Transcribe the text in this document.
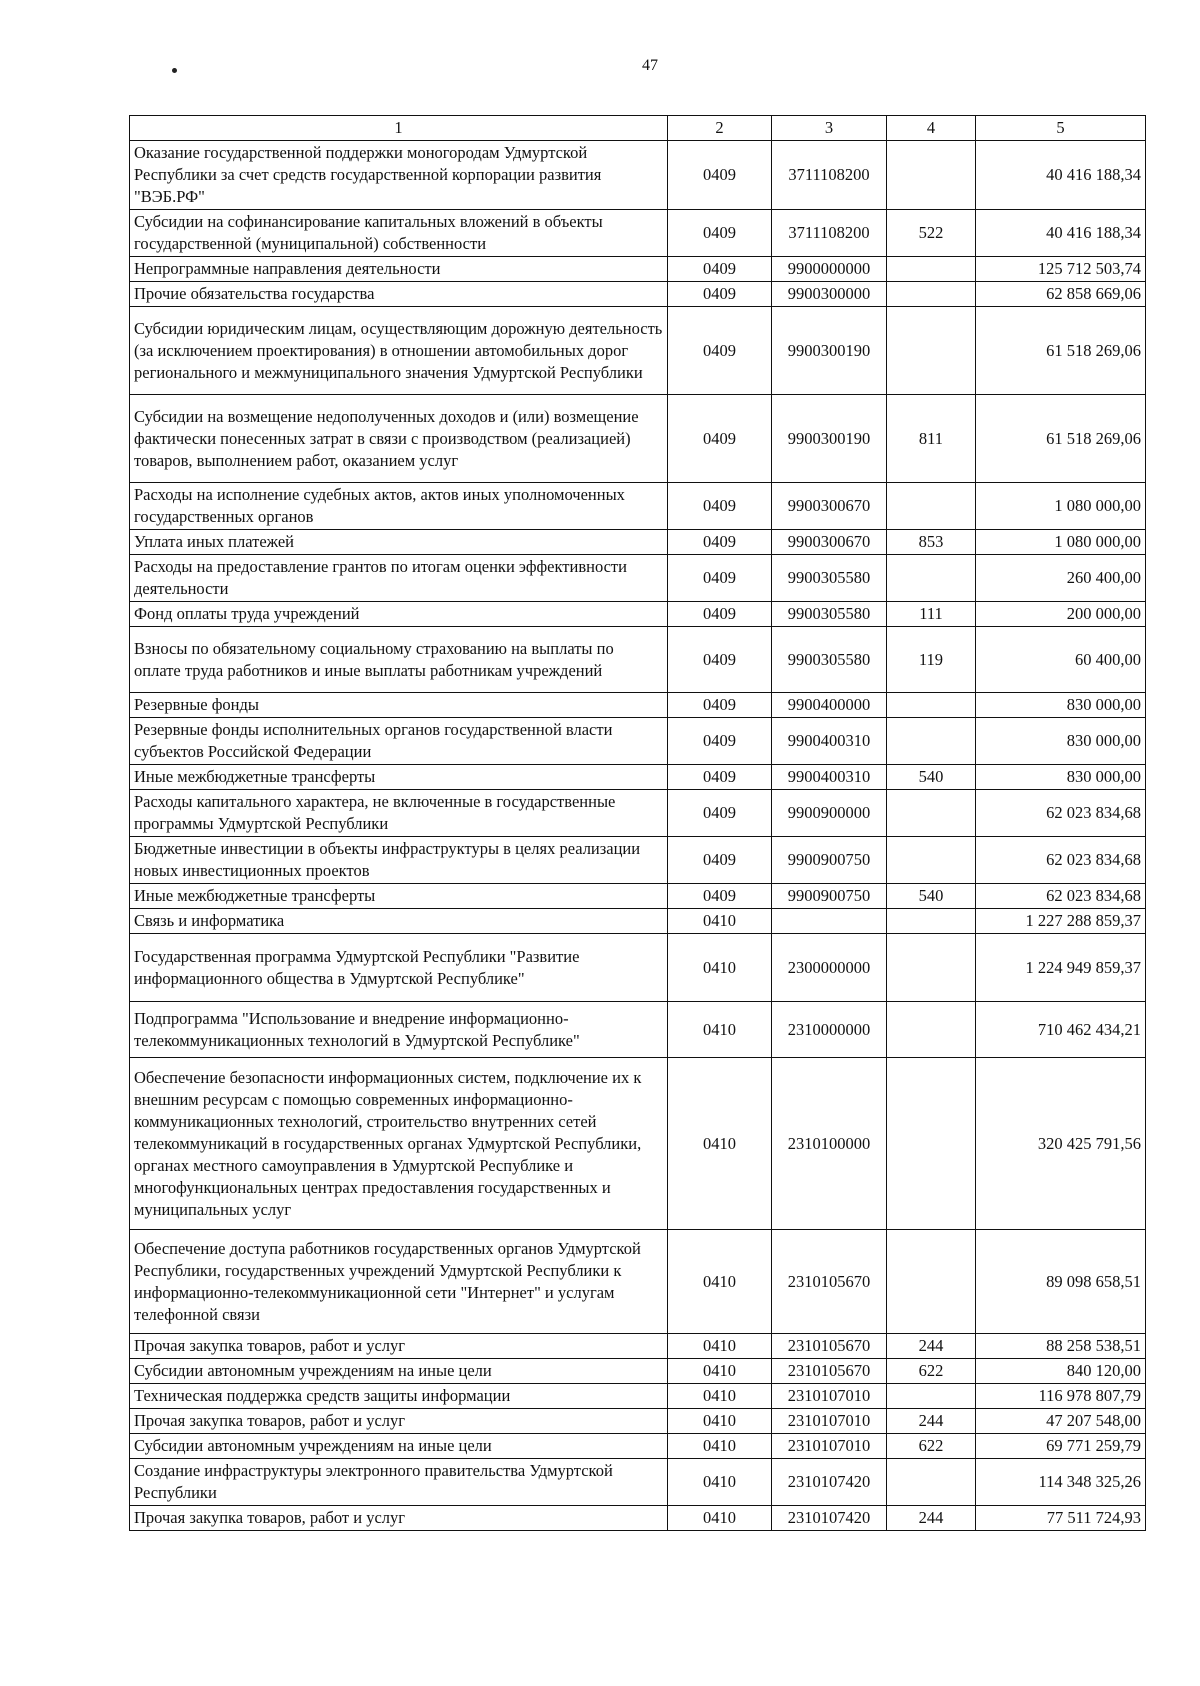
47
1	2	3	4	5
Оказание государственной поддержки моногородам Удмуртской Республики за счет средств государственной корпорации развития "ВЭБ.РФ"	0409	3711108200		40 416 188,34
Субсидии на софинансирование капитальных вложений в объекты государственной (муниципальной) собственности	0409	3711108200	522	40 416 188,34
Непрограммные направления деятельности	0409	9900000000		125 712 503,74
Прочие обязательства государства	0409	9900300000		62 858 669,06
Субсидии юридическим лицам, осуществляющим дорожную деятельность (за исключением проектирования) в отношении автомобильных дорог регионального и межмуниципального значения Удмуртской Республики	0409	9900300190		61 518 269,06
Субсидии на возмещение недополученных доходов и (или) возмещение фактически понесенных затрат в связи с производством (реализацией) товаров, выполнением работ, оказанием услуг	0409	9900300190	811	61 518 269,06
Расходы на исполнение судебных актов, актов иных уполномоченных государственных органов	0409	9900300670		1 080 000,00
Уплата иных платежей	0409	9900300670	853	1 080 000,00
Расходы на предоставление грантов по итогам оценки эффективности деятельности	0409	9900305580		260 400,00
Фонд оплаты труда учреждений	0409	9900305580	111	200 000,00
Взносы по обязательному социальному страхованию на выплаты по оплате труда работников и иные выплаты работникам учреждений	0409	9900305580	119	60 400,00
Резервные фонды	0409	9900400000		830 000,00
Резервные фонды исполнительных органов государственной власти субъектов Российской Федерации	0409	9900400310		830 000,00
Иные межбюджетные трансферты	0409	9900400310	540	830 000,00
Расходы капитального характера, не включенные в государственные программы Удмуртской Республики	0409	9900900000		62 023 834,68
Бюджетные инвестиции в объекты инфраструктуры в целях реализации новых инвестиционных проектов	0409	9900900750		62 023 834,68
Иные межбюджетные трансферты	0409	9900900750	540	62 023 834,68
Связь и информатика	0410			1 227 288 859,37
Государственная программа Удмуртской Республики "Развитие информационного общества в Удмуртской Республике"	0410	2300000000		1 224 949 859,37
Подпрограмма "Использование и внедрение информационно-телекоммуникационных технологий в Удмуртской Республике"	0410	2310000000		710 462 434,21
Обеспечение безопасности информационных систем, подключение их к внешним ресурсам с помощью современных информационно-коммуникационных технологий, строительство внутренних сетей телекоммуникаций в государственных органах Удмуртской Республики, органах местного самоуправления в Удмуртской Республике и многофункциональных центрах предоставления государственных и муниципальных услуг	0410	2310100000		320 425 791,56
Обеспечение доступа работников государственных органов Удмуртской Республики, государственных учреждений Удмуртской Республики к информационно-телекоммуникационной сети "Интернет" и услугам телефонной связи	0410	2310105670		89 098 658,51
Прочая закупка товаров, работ и услуг	0410	2310105670	244	88 258 538,51
Субсидии автономным учреждениям на иные цели	0410	2310105670	622	840 120,00
Техническая поддержка средств защиты информации	0410	2310107010		116 978 807,79
Прочая закупка товаров, работ и услуг	0410	2310107010	244	47 207 548,00
Субсидии автономным учреждениям на иные цели	0410	2310107010	622	69 771 259,79
Создание инфраструктуры электронного правительства Удмуртской Республики	0410	2310107420		114 348 325,26
Прочая закупка товаров, работ и услуг	0410	2310107420	244	77 511 724,93
